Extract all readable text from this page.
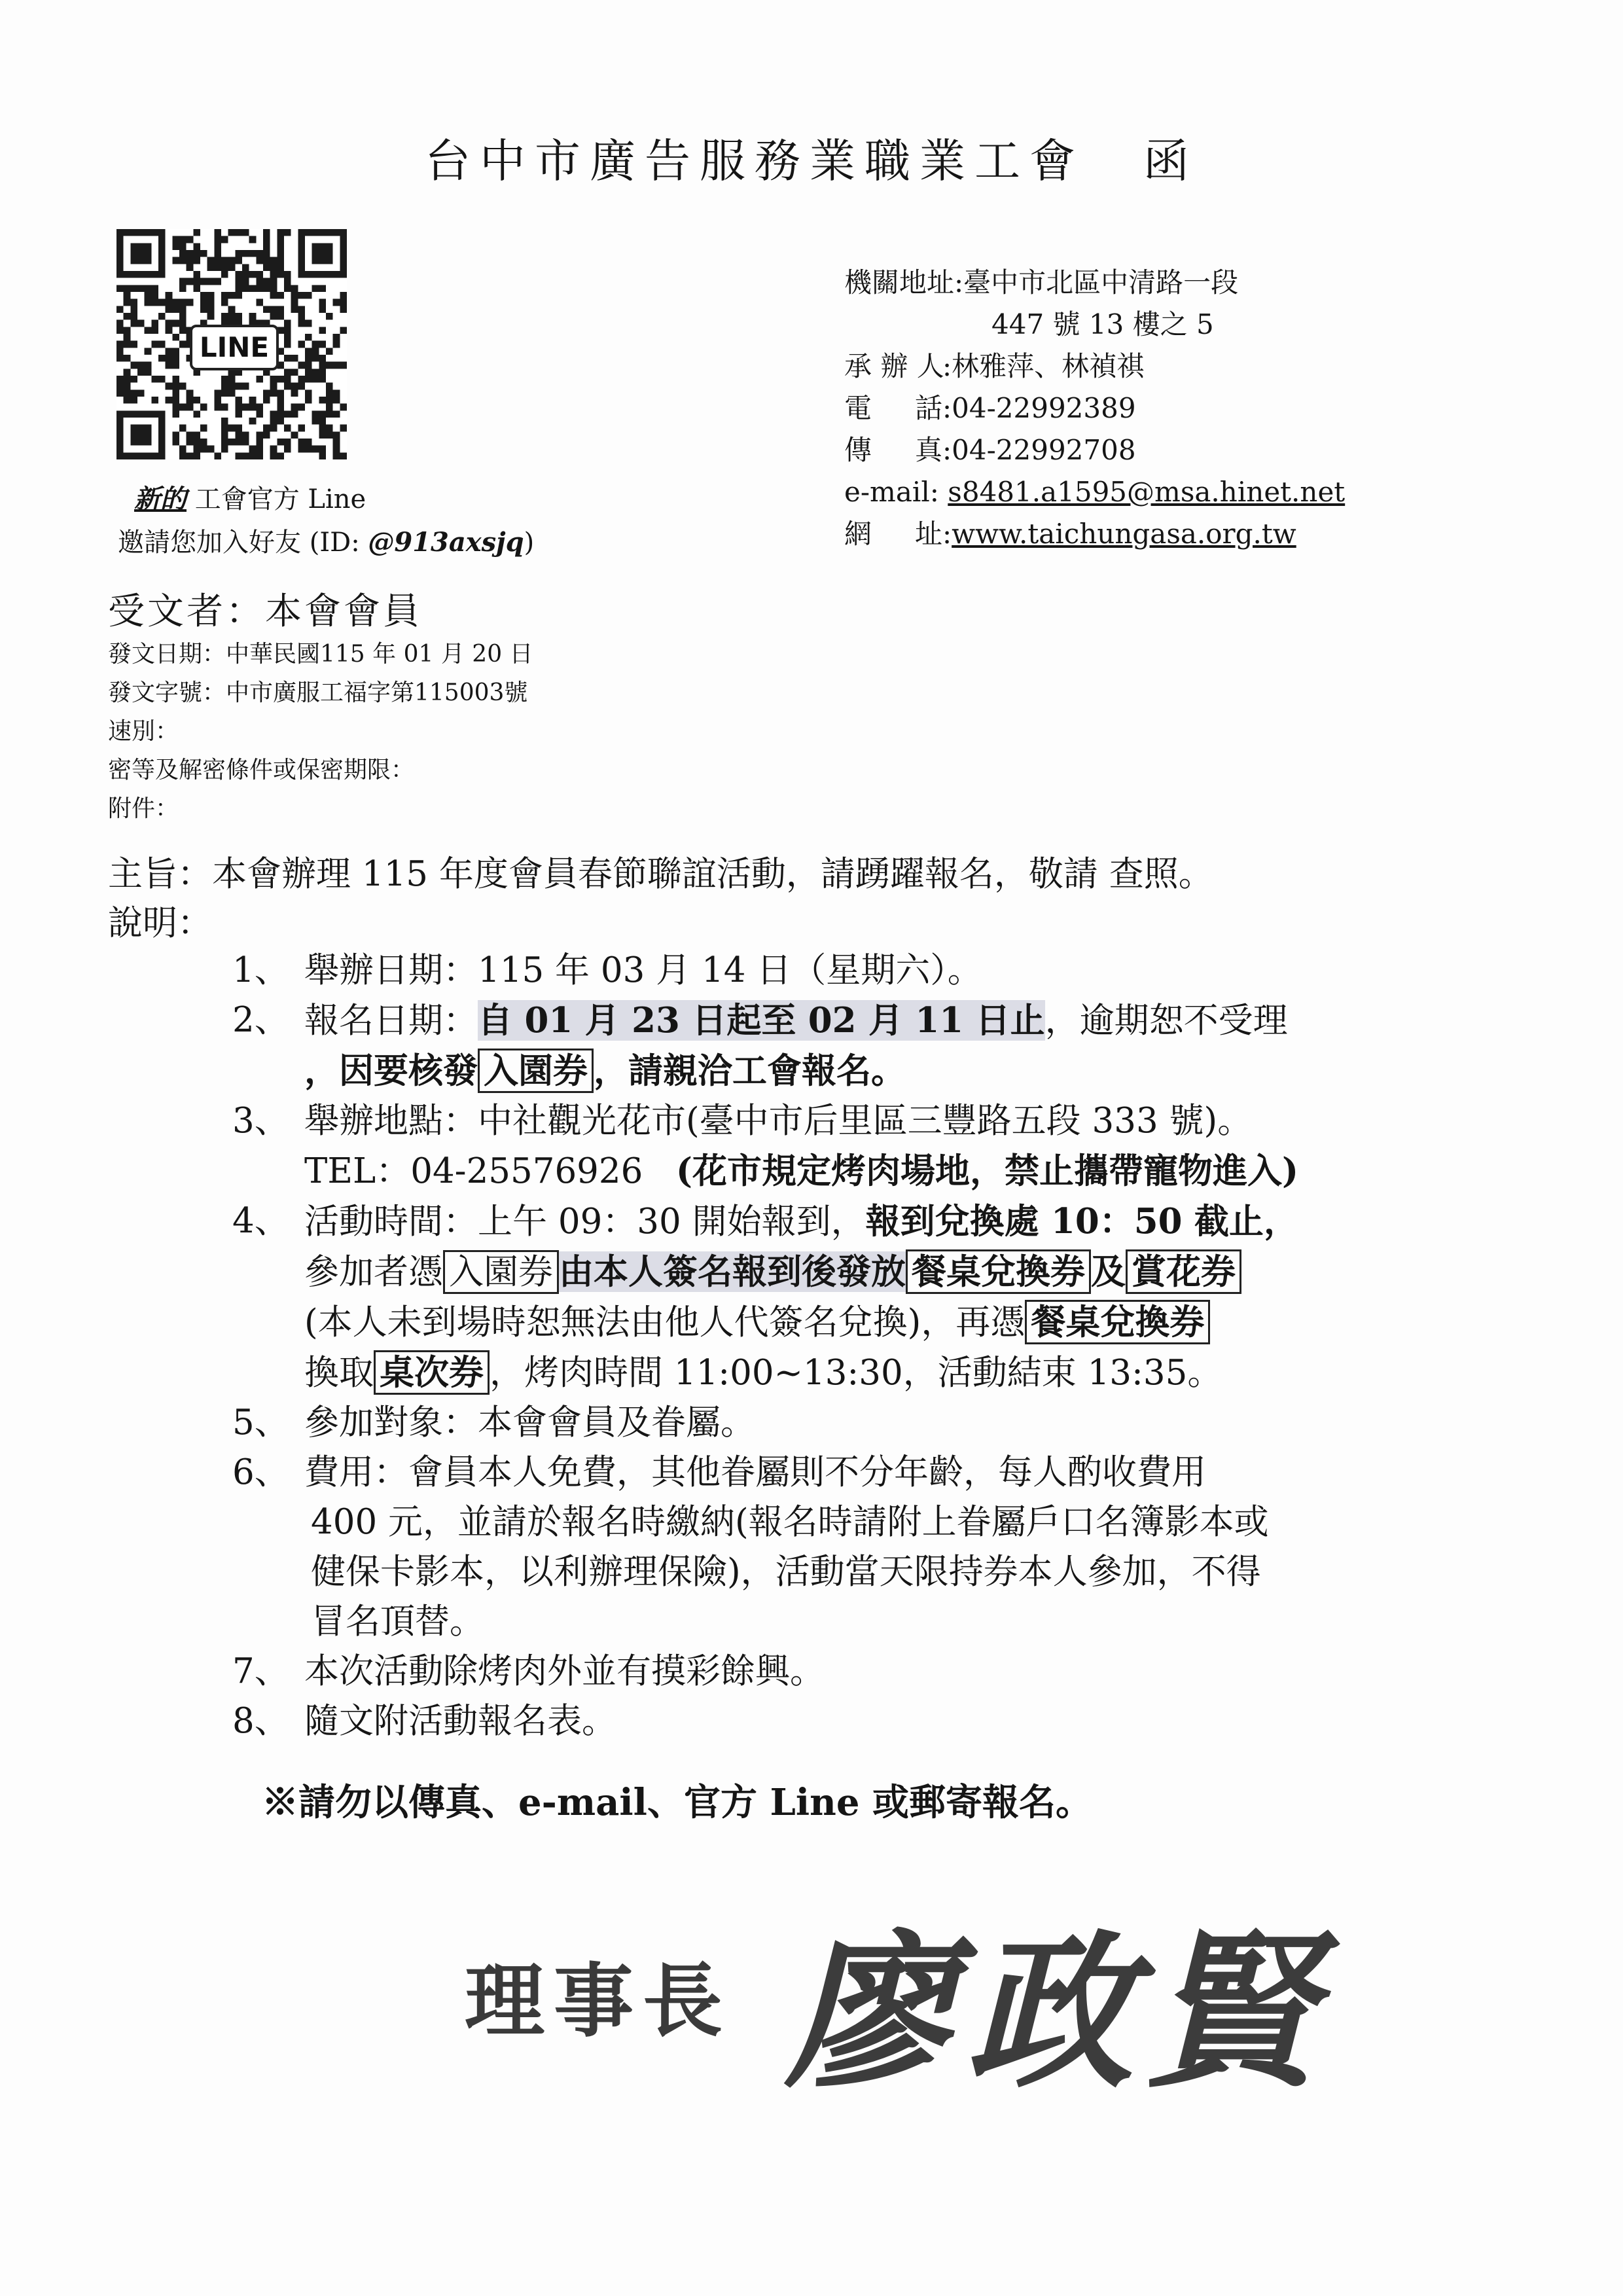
台中市廣告服務業職業工會 函
LINE
新的 工會官方 Line
邀請您加入好友 (ID: @913axsjq)
機關地址:臺中市北區中清路一段
447 號 13 樓之 5
承 辦 人:林雅萍、林禎祺
電 話:04-22992389
傳 真:04-22992708
e-mail: s8481.a1595@msa.hinet.net
網 址:www.taichungasa.org.tw
受文者：本會會員
發文日期：中華民國115 年 01 月 20 日
發文字號：中市廣服工福字第115003號
速別：
密等及解密條件或保密期限：
附件：
主旨：本會辦理 115 年度會員春節聯誼活動，請踴躍報名，敬請 查照。
說明：
1、 舉辦日期：115 年 03 月 14 日（星期六）。
2、 報名日期：自 01 月 23 日起至 02 月 11 日止，逾期恕不受理
，因要核發 入園券 ，請親洽工會報名。
3、 舉辦地點：中社觀光花市(臺中市后里區三豐路五段 333 號)。
TEL：04-25576926 (花市規定烤肉場地，禁止攜帶寵物進入)
4、 活動時間：上午 09：30 開始報到，報到兌換處 10：50 截止，
參加者憑 入園券 由本人簽名報到後發放 餐桌兌換券 及 賞花券
(本人未到場時恕無法由他人代簽名兌換)，再憑 餐桌兌換券
換取 桌次券 ，烤肉時間 11:00~13:30，活動結束 13:35。
5、 參加對象：本會會員及眷屬。
6、 費用：會員本人免費，其他眷屬則不分年齡，每人酌收費用
400 元，並請於報名時繳納(報名時請附上眷屬戶口名簿影本或
健保卡影本，以利辦理保險)，活動當天限持券本人參加，不得
冒名頂替。
7、 本次活動除烤肉外並有摸彩餘興。
8、 隨文附活動報名表。
※請勿以傳真、e-mail、官方 Line 或郵寄報名。
理事長 廖政賢
